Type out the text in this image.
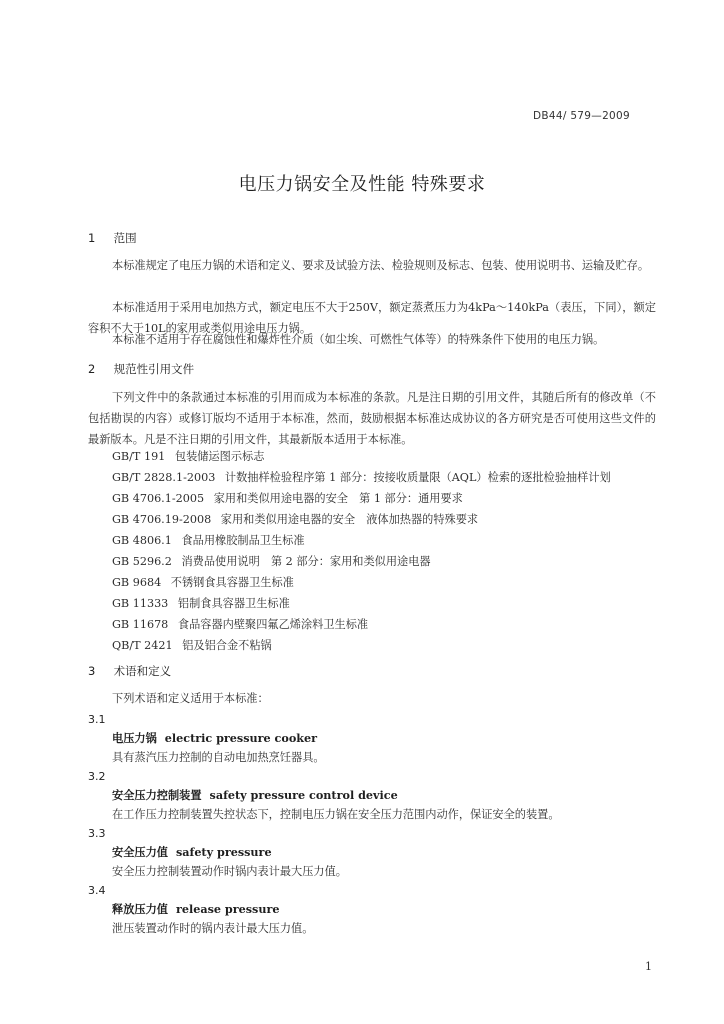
DB44/ 579—2009
电压力锅安全及性能 特殊要求
1 范围

本标准规定了电压力锅的术语和定义、要求及试验方法、检验规则及标志、包装、使用说明书、运输及贮存。

本标准适用于采用电加热方式，额定电压不大于250V，额定蒸煮压力为4kPa～140kPa（表压，下同），额定容积不大于10L的家用或类似用途电压力锅。

本标准不适用于存在腐蚀性和爆炸性介质（如尘埃、可燃性气体等）的特殊条件下使用的电压力锅。

2 规范性引用文件

下列文件中的条款通过本标准的引用而成为本标准的条款。凡是注日期的引用文件，其随后所有的修改单（不包括勘误的内容）或修订版均不适用于本标准，然而，鼓励根据本标准达成协议的各方研究是否可使用这些文件的最新版本。凡是不注日期的引用文件，其最新版本适用于本标准。

GB/T 191 包装储运图示标志
GB/T 2828.1-2003 计数抽样检验程序第 1 部分：按接收质量限（AQL）检索的逐批检验抽样计划
GB 4706.1-2005 家用和类似用途电器的安全　第 1 部分：通用要求
GB 4706.19-2008 家用和类似用途电器的安全　液体加热器的特殊要求
GB 4806.1 食品用橡胶制品卫生标准
GB 5296.2 消费品使用说明　第 2 部分：家用和类似用途电器
GB 9684 不锈钢食具容器卫生标准
GB 11333 铝制食具容器卫生标准
GB 11678 食品容器内壁聚四氟乙烯涂料卫生标准
QB/T 2421 铝及铝合金不粘锅
3 术语和定义

下列术语和定义适用于本标准：

3.1
电压力锅 electric pressure cooker
具有蒸汽压力控制的自动电加热烹饪器具。
3.2
安全压力控制装置 safety pressure control device
在工作压力控制装置失控状态下，控制电压力锅在安全压力范围内动作，保证安全的装置。
3.3
安全压力值 safety pressure
安全压力控制装置动作时锅内表计最大压力值。
3.4
释放压力值 release pressure
泄压装置动作时的锅内表计最大压力值。
1
